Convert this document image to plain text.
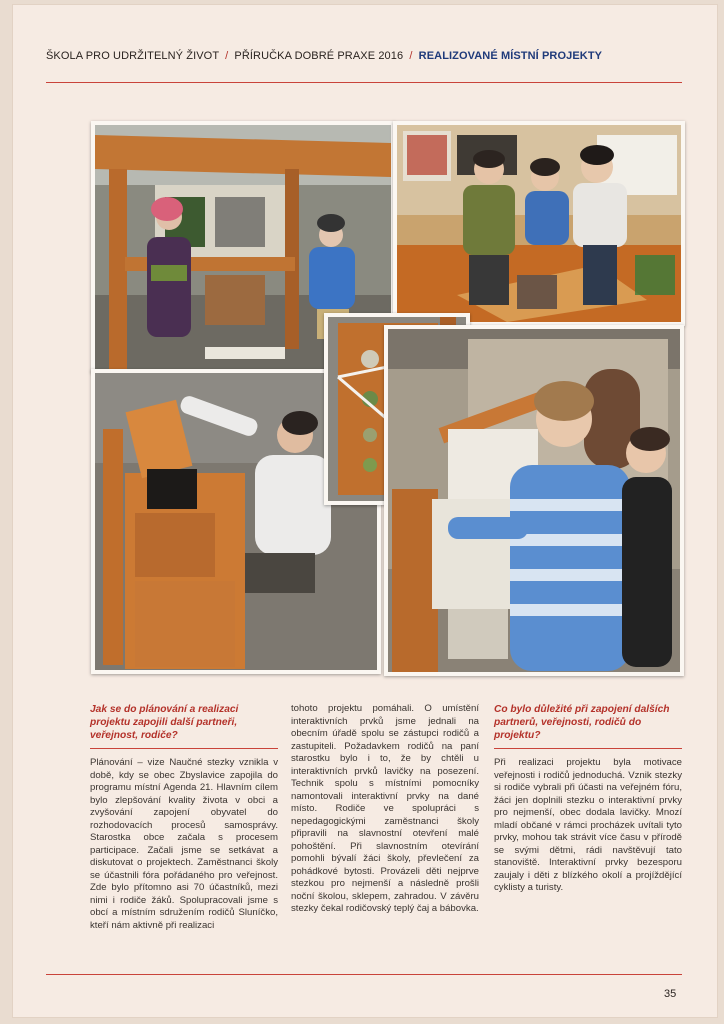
ŠKOLA PRO UDRŽITELNÝ ŽIVOT / PŘÍRUČKA DOBRÉ PRAXE 2016 / REALIZOVANÉ MÍSTNÍ PROJEKTY
Jak se do plánování a realizaci projektu zapojili další partneři, veřejnost, rodiče?

Plánování – vize Naučné stezky vznikla v době, kdy se obec Zbyslavice zapojila do programu místní Agenda 21. Hlavním cílem bylo zlepšování kvality života v obci a zvyšování zapojení obyvatel do rozhodovacích procesů samosprávy. Starostka obce začala s procesem participace. Začali jsme se setkávat a diskutovat o projektech. Zaměstnanci školy se účastnili fóra pořádaného pro veřejnost. Zde bylo přítomno asi 70 účastníků, mezi nimi i rodiče žáků. Spolupracovali jsme s obcí a místním sdružením rodičů Sluníčko, kteří nám aktivně při realizaci

tohoto projektu pomáhali. O umístění interaktivních prvků jsme jednali na obecním úřadě spolu se zástupci rodičů a zastupiteli. Požadavkem rodičů na paní starostku bylo i to, že by chtěli u interaktivních prvků lavičky na posezení. Technik spolu s místními pomocníky namontovali interaktivní prvky na dané místo. Rodiče ve spolupráci s nepedagogickými zaměstnanci školy připravili na slavnostní otevření malé pohoštění. Při slavnostním otevírání pomohli bývalí žáci školy, převlečení za pohádkové bytosti. Provázeli děti nejprve stezkou pro nejmenší a následně prošli noční školou, sklepem, zahradou. V závěru stezky čekal rodičovský teplý čaj a bábovka.

Co bylo důležité při zapojení dalších partnerů, veřejnosti, rodičů do projektu?

Při realizaci projektu byla motivace veřejnosti i rodičů jednoduchá. Vznik stezky si rodiče vybrali při účasti na veřejném fóru, žáci jen doplnili stezku o interaktivní prvky pro nejmenší, obec dodala lavičky. Mnozí mladí občané v rámci procházek uvítali tyto prvky, mohou tak strávit více času v přírodě se svými dětmi, rádi navštěvují tato stanoviště. Interaktivní prvky bezesporu zaujaly i děti z blízkého okolí a projíždějící cyklisty a turisty.

35
